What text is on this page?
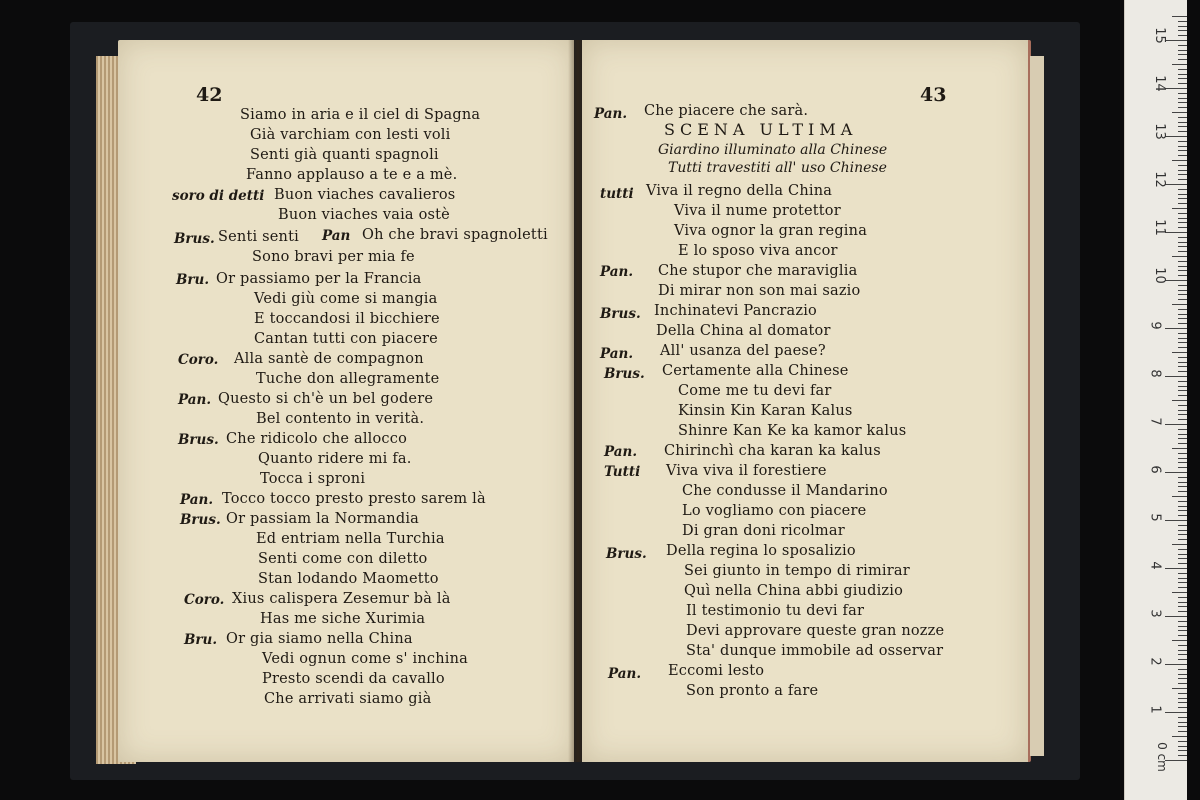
42
Siamo in aria e il ciel di Spagna
Già varchiam con lesti voli
Senti già quanti spagnoli
Fanno applauso a te e a mè.
soro di detti Buon viaches cavalieros
Buon viaches vaia ostè
Brus. Senti senti Pan Oh che bravi spagnoletti
Sono bravi per mia fe
Bru. Or passiamo per la Francia
Vedi giù come si mangia
E toccandosi il bicchiere
Cantan tutti con piacere
Coro. Alla santè de compagnon
Tuche don allegramente
Pan. Questo si ch'è un bel godere
Bel contento in verità.
Brus. Che ridicolo che allocco
Quanto ridere mi fa.
Tocca i sproni
Pan. Tocco tocco presto presto sarem là
Brus. Or passiam la Normandia
Ed entriam nella Turchia
Senti come con diletto
Stan lodando Maometto
Coro. Xius calispera Zesemur bà là
Has me siche Xurimia
Bru. Or gia siamo nella China
Vedi ognun come s' inchina
Presto scendi da cavallo
Che arrivati siamo già
43
Pan. Che piacere che sarà.
SCENA ULTIMA
Giardino illuminato alla Chinese
Tutti travestiti all' uso Chinese
tutti Viva il regno della China
Viva il nume protettor
Viva ognor la gran regina
E lo sposo viva ancor
Pan. Che stupor che maraviglia
Di mirar non son mai sazio
Brus. Inchinatevi Pancrazio
Della China al domator
Pan. All' usanza del paese?
Brus. Certamente alla Chinese
Come me tu devi far
Kinsin Kin Karan Kalus
Shinre Kan Ke ka kamor kalus
Pan. Chirinchì cha karan ka kalus
Tutti Viva viva il forestiere
Che condusse il Mandarino
Lo vogliamo con piacere
Di gran doni ricolmar
Brus. Della regina lo sposalizio
Sei giunto in tempo di rimirar
Quì nella China abbi giudizio
Il testimonio tu devi far
Devi approvare queste gran nozze
Sta' dunque immobile ad osservar
Pan. Eccomi lesto
Son pronto a fare
1
2
3
4
5
6
7
8
9
10
11
12
13
14
15
0 cm
